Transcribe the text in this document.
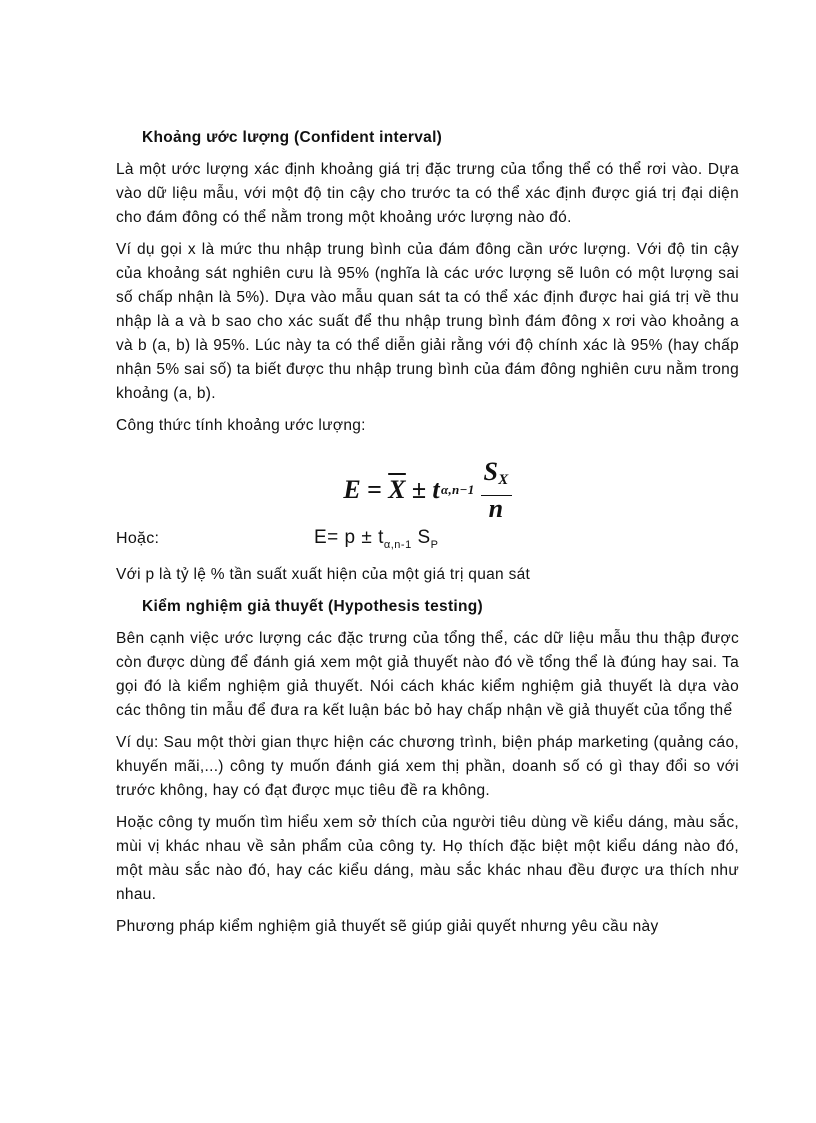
Khoảng ước lượng (Confident interval)

Là một ước lượng xác định khoảng giá trị đặc trưng của tổng thể có thể rơi vào. Dựa vào dữ liệu mẫu, với một độ tin cậy cho trước ta có thể xác định được giá trị đại diện cho đám đông có thể nằm trong một khoảng ước lượng nào đó.

Ví dụ gọi x là mức thu nhập trung bình của đám đông cần ước lượng. Với độ tin cậy của khoảng sát nghiên cưu là 95% (nghĩa là các ước lượng sẽ luôn có một lượng sai số chấp nhận là 5%). Dựa vào mẫu quan sát ta có thể xác định được hai giá trị về thu nhập là a và b sao cho xác suất để thu nhập trung bình đám đông x rơi vào khoảng a và b (a, b) là 95%. Lúc này ta có thể diễn giải rằng với độ chính xác là 95% (hay chấp nhận 5% sai số) ta biết được thu nhập trung bình của đám đông nghiên cưu nằm trong khoảng (a, b).

Công thức tính khoảng ước lượng:

$E = \overline{X} \pm t$ $\alpha,n-1 \frac{SX}{n}$
Hoặc:	$E= p \pm t_{\alpha,n-1}$ $S_P$

Với p là tỷ lệ % tần suất xuất hiện của một giá trị quan sát

Kiểm nghiệm giả thuyết (Hypothesis testing)

Bên cạnh việc ước lượng các đặc trưng của tổng thể, các dữ liệu mẫu thu thập được còn được dùng để đánh giá xem một giả thuyết nào đó về tổng thể là đúng hay sai. Ta gọi đó là kiểm nghiệm giả thuyết. Nói cách khác kiểm nghiệm giả thuyết là dựa vào các thông tin mẫu để đưa ra kết luận bác bỏ hay chấp nhận về giả thuyết của tổng thể

Ví dụ: Sau một thời gian thực hiện các chương trình, biện pháp marketing (quảng cáo, khuyến mãi,...) công ty muốn đánh giá xem thị phần, doanh số có gì thay đổi so với trước không, hay có đạt được mục tiêu đề ra không.

Hoặc công ty muốn tìm hiểu xem sở thích của người tiêu dùng về kiểu dáng, màu sắc, mùi vị khác nhau về sản phẩm của công ty. Họ thích đặc biệt một kiểu dáng nào đó, một màu sắc nào đó, hay các kiểu dáng, màu sắc khác nhau đều được ưa thích như nhau.

Phương pháp kiểm nghiệm giả thuyết sẽ giúp giải quyết nhưng yêu cầu này
